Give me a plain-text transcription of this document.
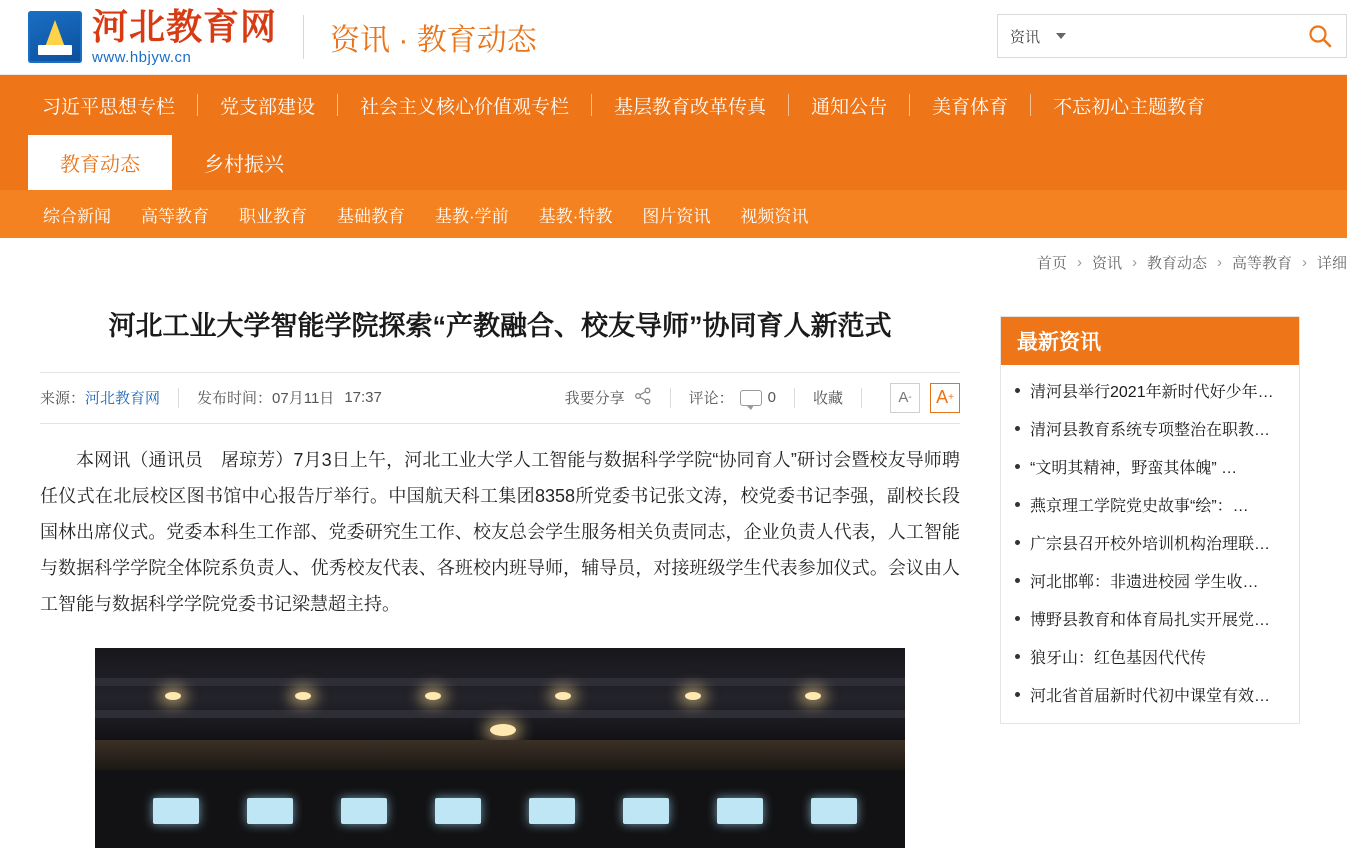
河北教育网
www.hbjyw.cn
资讯 · 教育动态	资讯
习近平思想专栏	党支部建设	社会主义核心价值观专栏	基层教育改革传真	通知公告	美育体育	不忘初心主题教育
教育动态	乡村振兴
综合新闻	高等教育	职业教育	基础教育	基教·学前	基教·特教	图片资讯	视频资讯
首页 › 资讯 › 教育动态 › 高等教育 › 详细
河北工业大学智能学院探索“产教融合、校友导师”协同育人新范式
来源： 河北教育网 发布时间： 07月11日 17:37	我要分享	评论： 0 收藏	A - A +

本网讯（通讯员　屠琼芳）7月3日上午，河北工业大学人工智能与数据科学学院“协同育人”研讨会暨校友导师聘任仪式在北辰校区图书馆中心报告厅举行。中国航天科工集团8358所党委书记张文涛，校党委书记李强，副校长段国林出席仪式。党委本科生工作部、党委研究生工作、校友总会学生服务相关负责同志，企业负责人代表，人工智能与数据科学学院全体院系负责人、优秀校友代表、各班校内班导师，辅导员，对接班级学生代表参加仪式。会议由人工智能与数据科学学院党委书记梁慧超主持。

最新资讯
清河县举行2021年新时代好少年…
清河县教育系统专项整治在职教…
“文明其精神，野蛮其体魄” …
燕京理工学院党史故事“绘”：…
广宗县召开校外培训机构治理联…
河北邯郸：非遗进校园 学生收…
博野县教育和体育局扎实开展党…
狼牙山：红色基因代代传
河北省首届新时代初中课堂有效…
